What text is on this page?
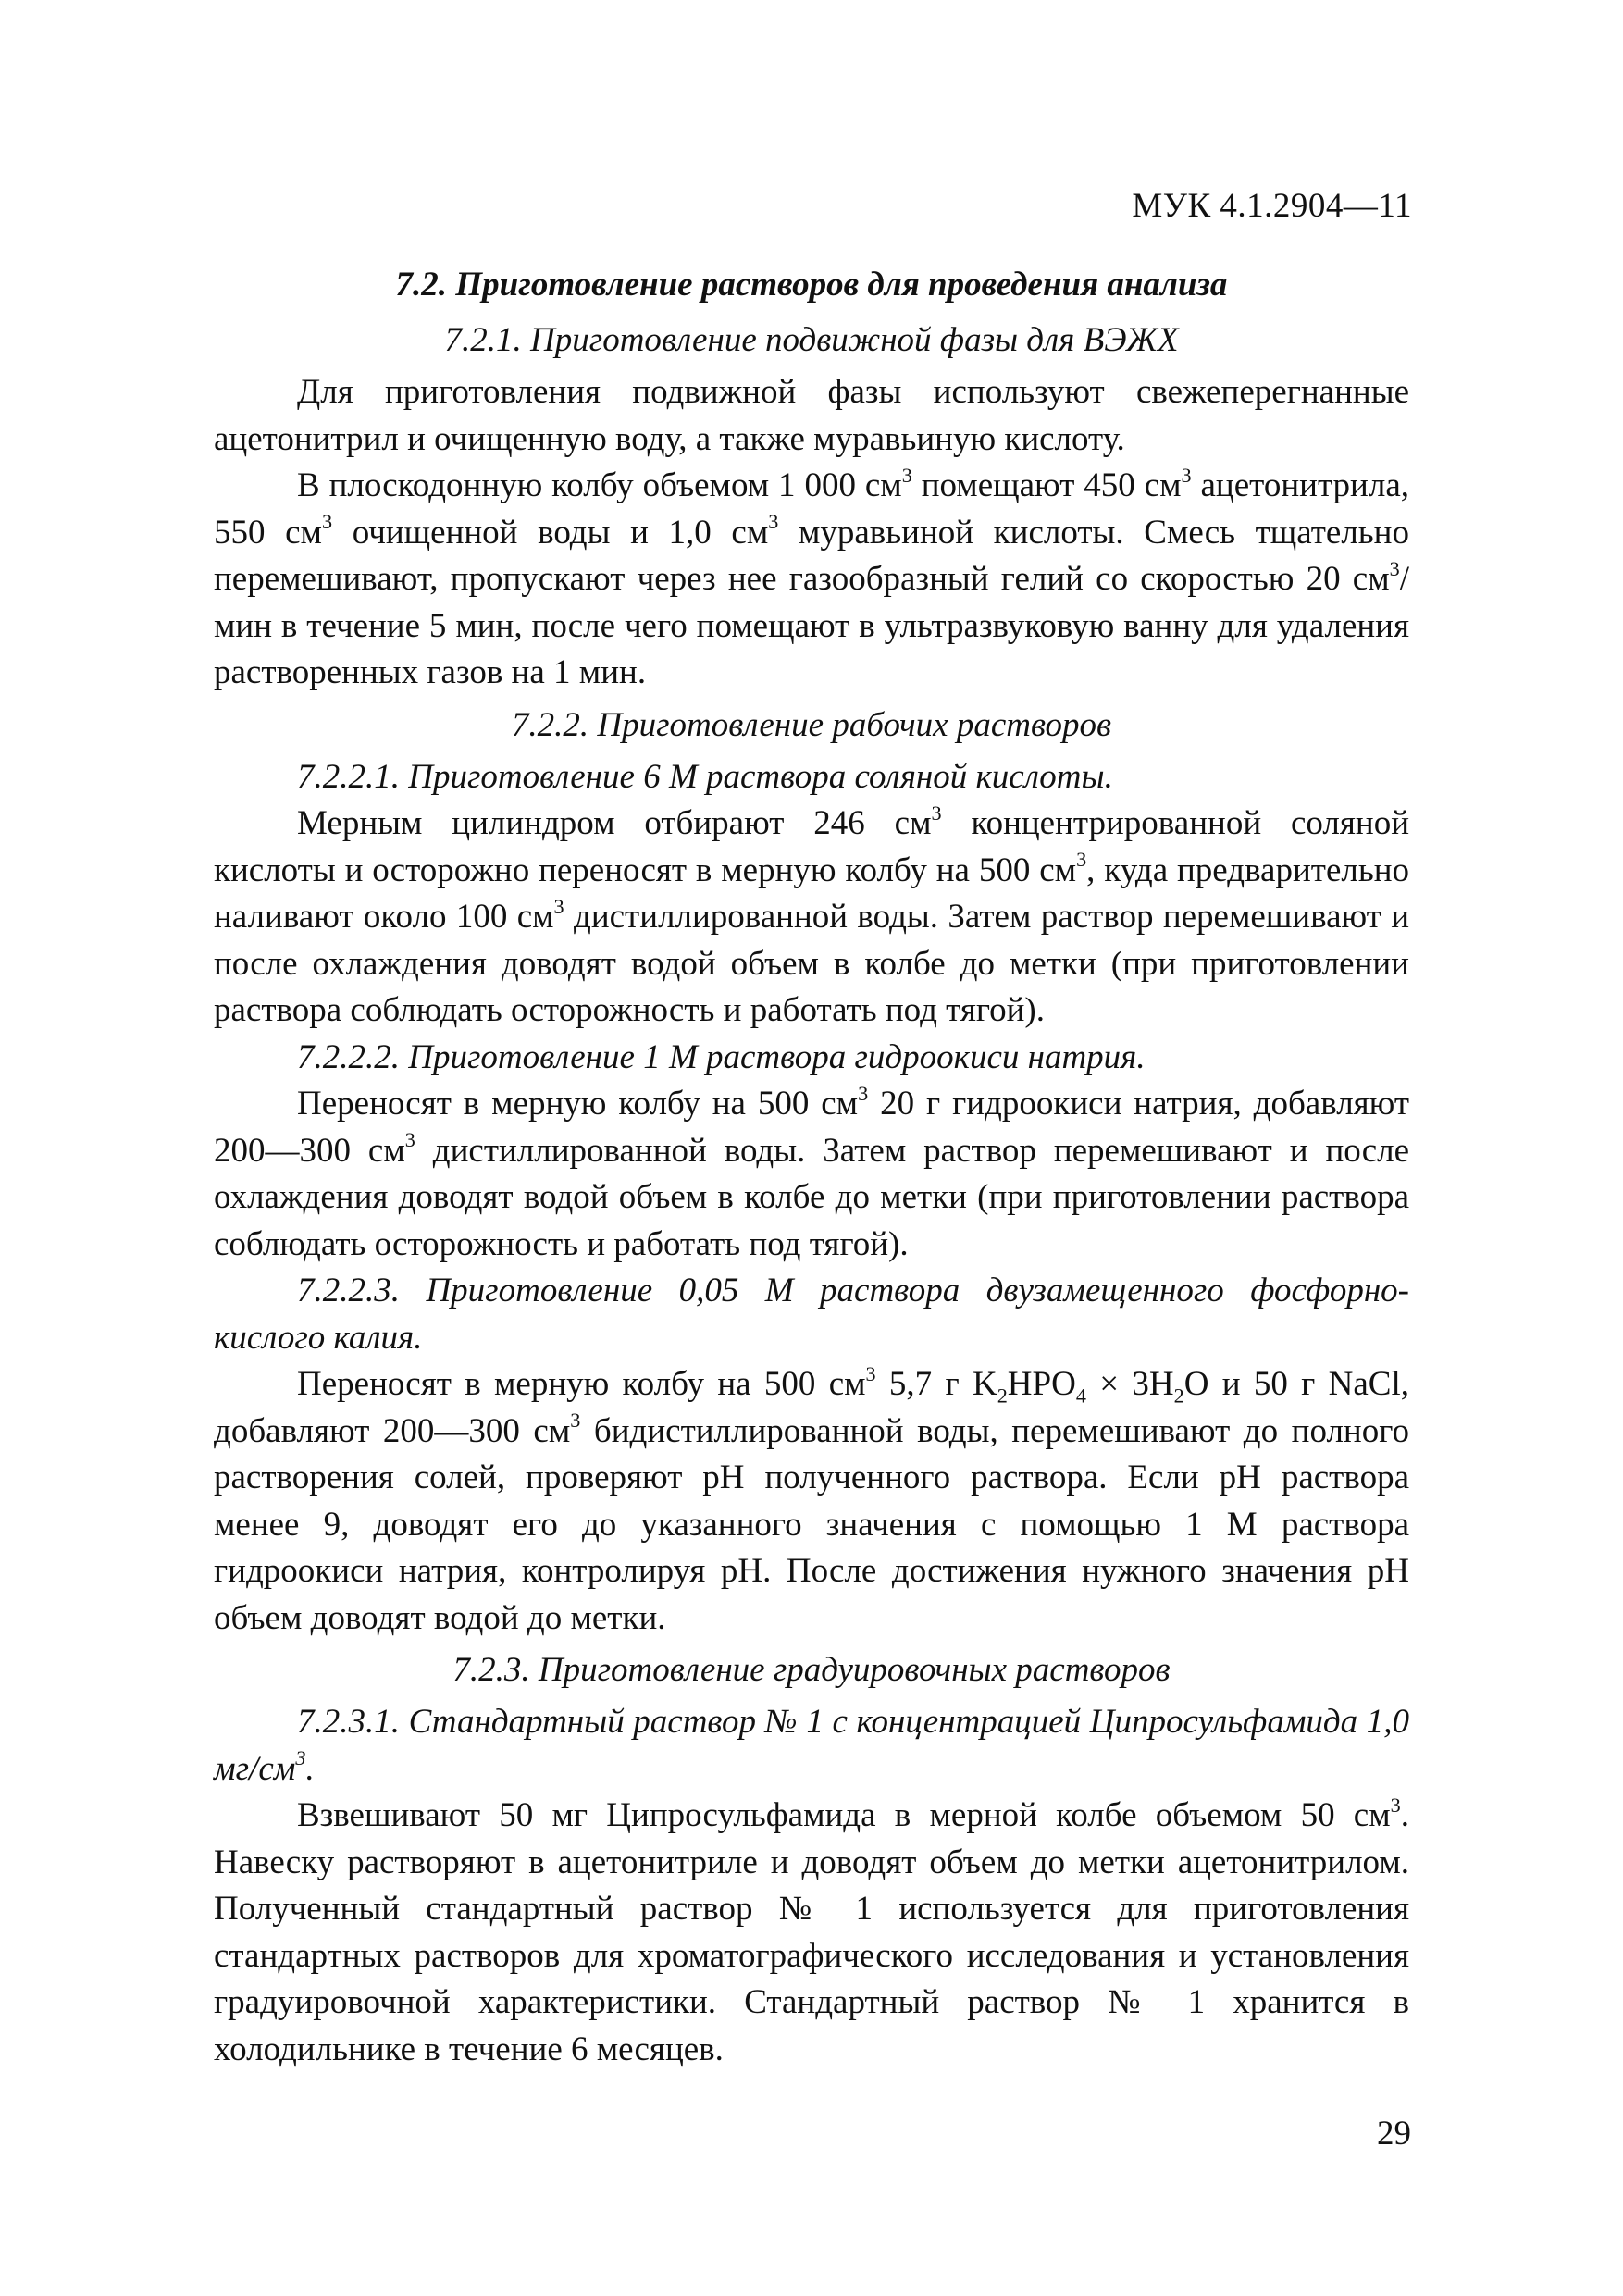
МУК 4.1.2904—11

7.2. Приготовление растворов для проведения анализа

7.2.1. Приготовление подвижной фазы для ВЭЖХ

Для приготовления подвижной фазы используют свежеперегнанные ацетонитрил и очищенную воду, а также муравьиную кислоту.

В плоскодонную колбу объемом 1 000 $см^3$ помещают 450 $см^3$ ацетонитрила, 550 $см^3$ очищенной воды и 1,0 $см^3$ муравьиной кислоты. Смесь тщательно перемешивают, пропускают через нее газообразный гелий со скоростью 20 $см^3$/мин в течение 5 мин, после чего помещают в ультразвуковую ванну для удаления растворенных газов на 1 мин.

7.2.2. Приготовление рабочих растворов

7.2.2.1. Приготовление 6 М раствора соляной кислоты.

Мерным цилиндром отбирают 246 $см^3$ концентрированной соляной кислоты и осторожно переносят в мерную колбу на 500 $см^3$, куда предварительно наливают около 100 $см^3$ дистиллированной воды. Затем раствор перемешивают и после охлаждения доводят водой объем в колбе до метки (при приготовлении раствора соблюдать осторожность и работать под тягой).

7.2.2.2. Приготовление 1 М раствора гидроокиси натрия.

Переносят в мерную колбу на 500 $см^3$ 20 г гидроокиси натрия, добавляют 200—300 $см^3$ дистиллированной воды. Затем раствор перемешивают и после охлаждения доводят водой объем в колбе до метки (при приготовлении раствора соблюдать осторожность и работать под тягой).

7.2.2.3. Приготовление 0,05 М раствора двузамещенного фосфорно-кислого калия.

Переносят в мерную колбу на 500 $см^3$ 5,7 г $K_2HPO_4 \times 3H_2O$ и 50 г NaCl, добавляют 200—300 $см^3$ бидистиллированной воды, перемешивают до полного растворения солей, проверяют pH полученного раствора. Если pH раствора менее 9, доводят его до указанного значения с помощью 1 М раствора гидроокиси натрия, контролируя pH. После достижения нужного значения pH объем доводят водой до метки.

7.2.3. Приготовление градуировочных растворов

7.2.3.1. Стандартный раствор № 1 с концентрацией Ципросульфамида 1,0 $мг/см^3$.

Взвешивают 50 мг Ципросульфамида в мерной колбе объемом 50 $см^3$. Навеску растворяют в ацетонитриле и доводят объем до метки ацетонитрилом. Полученный стандартный раствор № 1 используется для приготовления стандартных растворов для хроматографического исследования и установления градуировочной характеристики. Стандартный раствор № 1 хранится в холодильнике в течение 6 месяцев.

29
